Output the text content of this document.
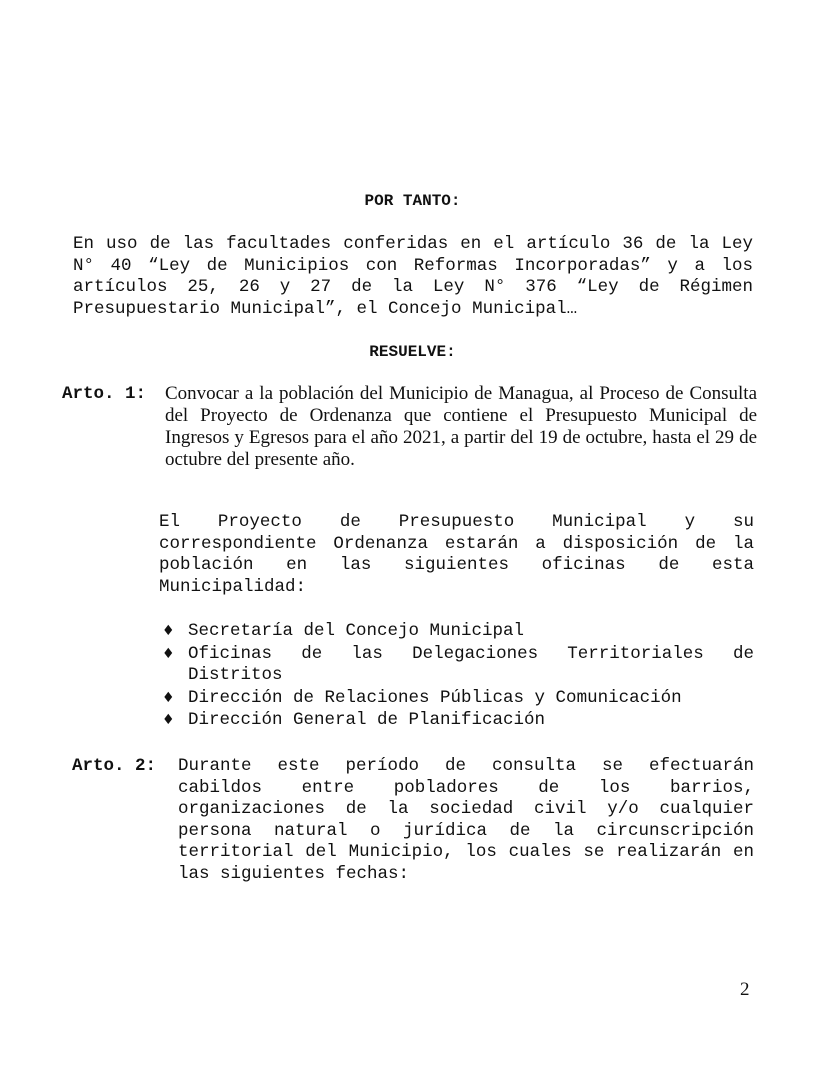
POR TANTO:
En uso de las facultades conferidas en el artículo 36 de la Ley N° 40 “Ley de Municipios con Reformas Incorporadas” y a los artículos 25, 26 y 27 de la Ley N° 376 “Ley de Régimen Presupuestario Municipal”, el Concejo Municipal…
RESUELVE:
Arto. 1: Convocar a la población del Municipio de Managua, al Proceso de Consulta del Proyecto de Ordenanza que contiene el Presupuesto Municipal de Ingresos y Egresos para el año 2021, a partir del 19 de octubre, hasta el 29 de octubre del presente año.
El Proyecto de Presupuesto Municipal y su correspondiente Ordenanza estarán a disposición de la población en las siguientes oficinas de esta Municipalidad:
♦ Secretaría del Concejo Municipal
♦ Oficinas de las Delegaciones Territoriales de Distritos
♦ Dirección de Relaciones Públicas y Comunicación
♦ Dirección General de Planificación
Arto. 2: Durante este período de consulta se efectuarán cabildos entre pobladores de los barrios, organizaciones de la sociedad civil y/o cualquier persona natural o jurídica de la circunscripción territorial del Municipio, los cuales se realizarán en las siguientes fechas:
2
